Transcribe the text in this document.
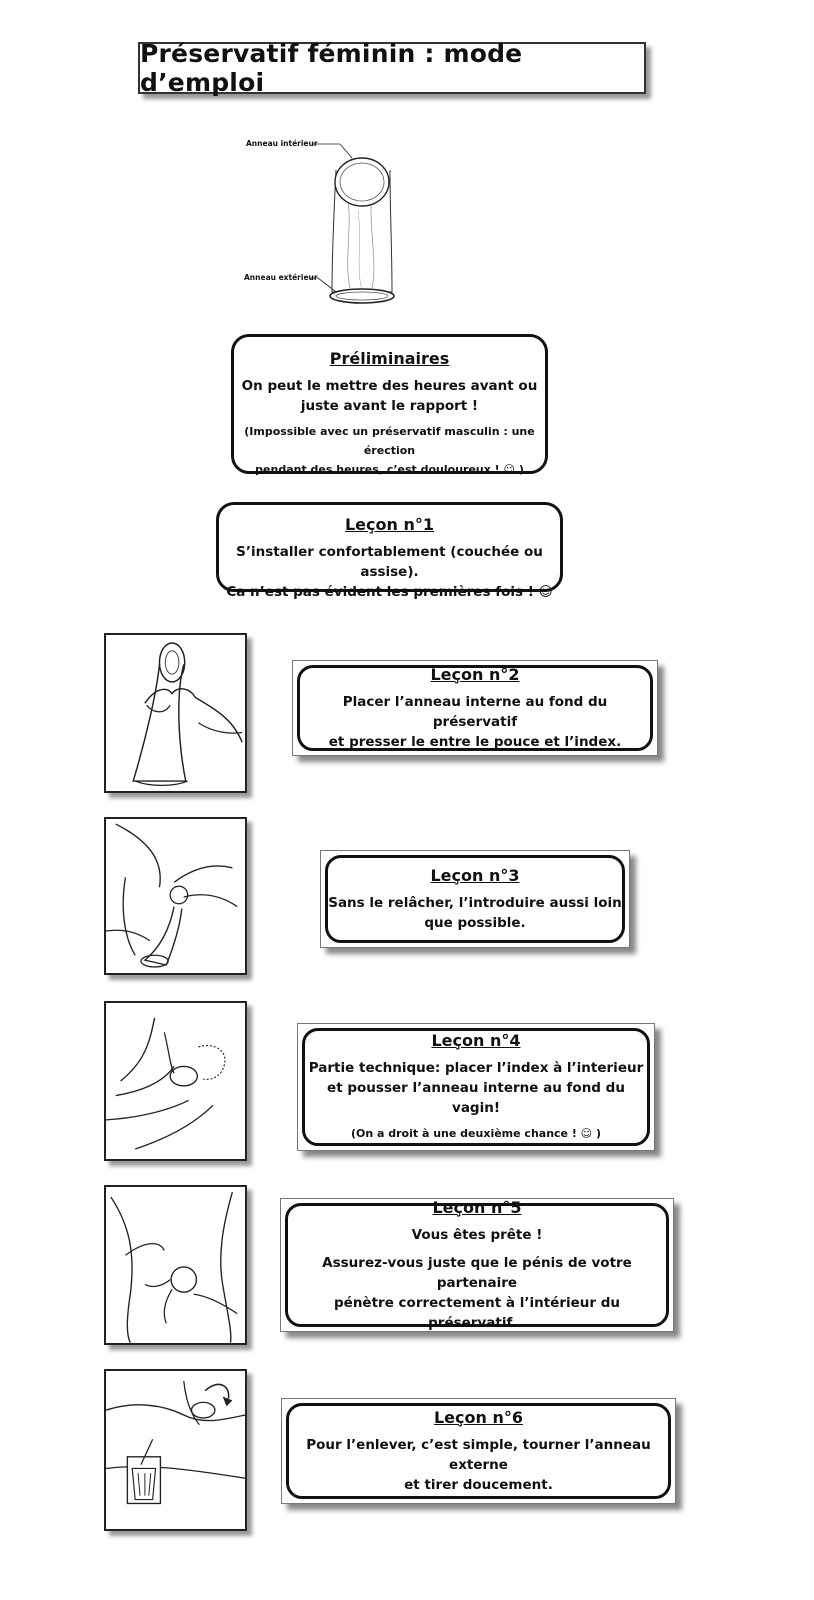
Préservatif féminin : mode d’emploi
Anneau intérieur
Anneau extérieur
Préliminaires
On peut le mettre des heures avant ou
juste avant le rapport !
(Impossible avec un préservatif masculin : une érection
pendant des heures, c’est douloureux ! ☺ )
Leçon n°1
S’installer confortablement (couchée ou assise).
Ca n’est pas évident les premières fois ! ☺
Leçon n°2
Placer l’anneau interne au fond du préservatif
et presser le entre le pouce et l’index.
Leçon n°3
Sans le relâcher, l’introduire aussi loin
que possible.
Leçon n°4
Partie technique: placer l’index à l’interieur
et pousser l’anneau interne au fond du vagin!
(On a droit à une deuxième chance ! ☺ )
Leçon n°5
Vous êtes prête !
Assurez-vous juste que le pénis de votre partenaire
pénètre correctement à l’intérieur du préservatif…
Leçon n°6
Pour l’enlever, c’est simple, tourner l’anneau externe
et tirer doucement.
